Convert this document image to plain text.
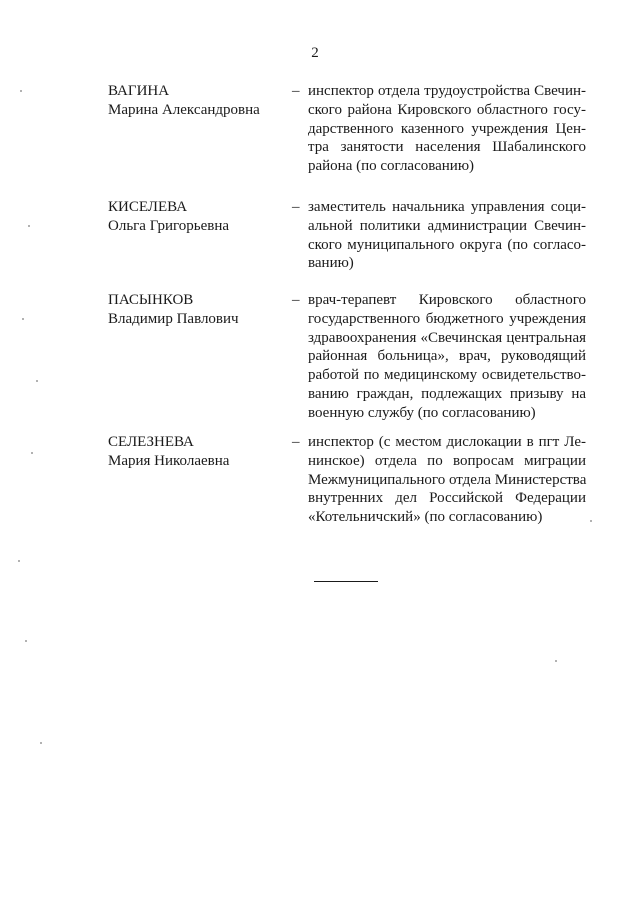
2
ВАГИНА
Марина Александровна
– инспектор отдела трудоустройства Свечин-
ского района Кировского областного госу-
дарственного казенного учреждения Цен-
тра занятости населения Шабалинского
района (по согласованию)
КИСЕЛЕВА
Ольга Григорьевна
– заместитель начальника управления соци-
альной политики администрации Свечин-
ского муниципального округа (по согласо-
ванию)
ПАСЫНКОВ
Владимир Павлович
– врач-терапевт Кировского областного
государственного бюджетного учреждения
здравоохранения «Свечинская центральная
районная больница», врач, руководящий
работой по медицинскому освидетельство-
ванию граждан, подлежащих призыву на
военную службу (по согласованию)
СЕЛЕЗНЕВА
Мария Николаевна
– инспектор (с местом дислокации в пгт Ле-
нинское) отдела по вопросам миграции
Межмуниципального отдела Министерства
внутренних дел Российской Федерации
«Котельничский» (по согласованию)
